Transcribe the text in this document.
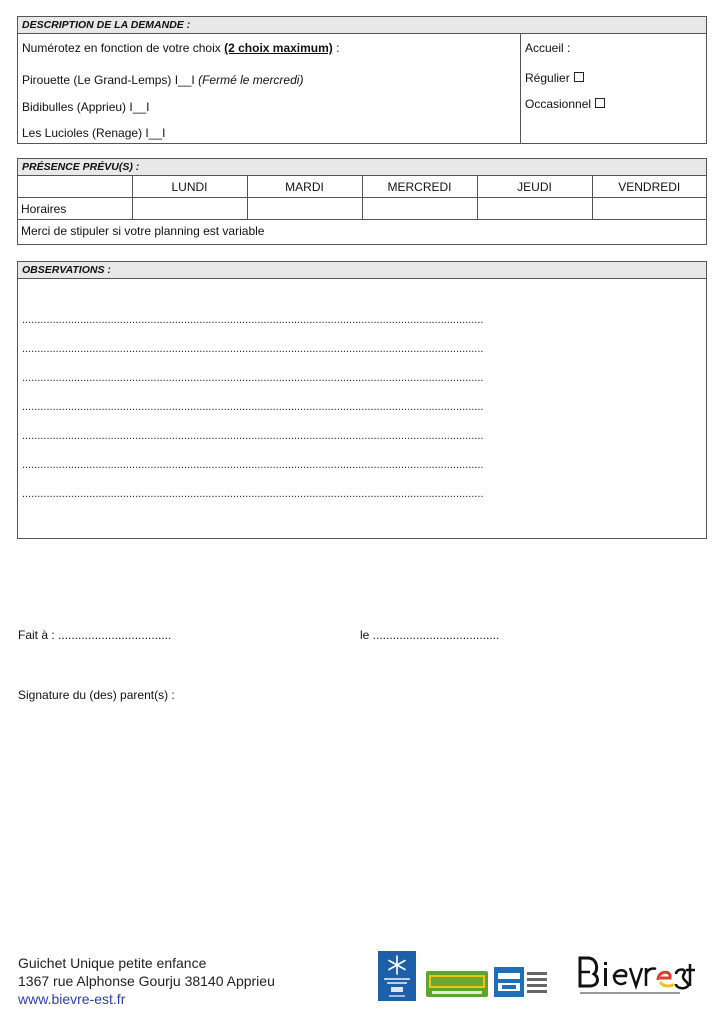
DESCRIPTION DE LA DEMANDE :
Numérotez en fonction de votre choix (2 choix maximum) :
Pirouette (Le Grand-Lemps) I__I (Fermé le mercredi)
Bidibulles (Apprieu) I__I
Les Lucioles (Renage) I__I
Accueil :
Régulier
Occasionnel
PRÉSENCE PRÉVU(S) :
	LUNDI	MARDI	MERCREDI	JEUDI	VENDREDI
Horaires					
Merci de stipuler si votre planning est variable					
OBSERVATIONS :
.......................................................................................................................................................
.......................................................................................................................................................
.......................................................................................................................................................
.......................................................................................................................................................
.......................................................................................................................................................
.......................................................................................................................................................
.......................................................................................................................................................
Fait à : ..................................	le ......................................
Signature du (des) parent(s) :
Guichet Unique petite enfance
1367 rue Alphonse Gourju 38140 Apprieu
www.bievre-est.fr
